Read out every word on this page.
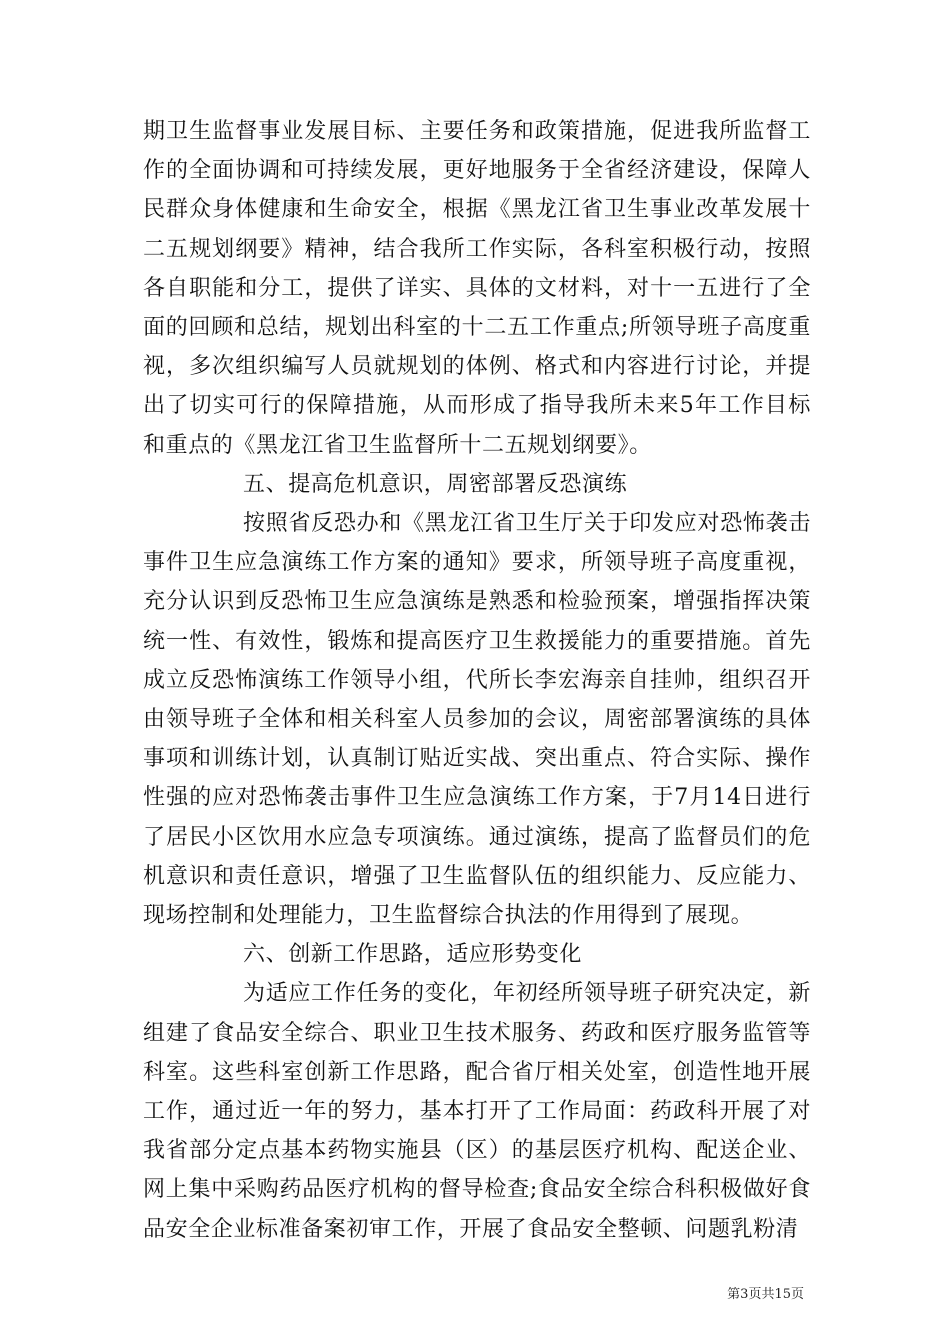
期卫生监督事业发展目标、主要任务和政策措施，促进我所监督工作的全面协调和可持续发展，更好地服务于全省经济建设，保障人民群众身体健康和生命安全，根据《黑龙江省卫生事业改革发展十二五规划纲要》精神，结合我所工作实际，各科室积极行动，按照各自职能和分工，提供了详实、具体的文材料，对十一五进行了全面的回顾和总结，规划出科室的十二五工作重点;所领导班子高度重视，多次组织编写人员就规划的体例、格式和内容进行讨论，并提出了切实可行的保障措施，从而形成了指导我所未来5年工作目标和重点的《黑龙江省卫生监督所十二五规划纲要》。

五、提高危机意识，周密部署反恐演练

按照省反恐办和《黑龙江省卫生厅关于印发应对恐怖袭击事件卫生应急演练工作方案的通知》要求，所领导班子高度重视，充分认识到反恐怖卫生应急演练是熟悉和检验预案，增强指挥决策统一性、有效性，锻炼和提高医疗卫生救援能力的重要措施。首先成立反恐怖演练工作领导小组，代所长李宏海亲自挂帅，组织召开由领导班子全体和相关科室人员参加的会议，周密部署演练的具体事项和训练计划，认真制订贴近实战、突出重点、符合实际、操作性强的应对恐怖袭击事件卫生应急演练工作方案，于7月14日进行了居民小区饮用水应急专项演练。通过演练，提高了监督员们的危机意识和责任意识，增强了卫生监督队伍的组织能力、反应能力、现场控制和处理能力，卫生监督综合执法的作用得到了展现。

六、创新工作思路，适应形势变化

为适应工作任务的变化，年初经所领导班子研究决定，新组建了食品安全综合、职业卫生技术服务、药政和医疗服务监管等科室。这些科室创新工作思路，配合省厅相关处室，创造性地开展工作，通过近一年的努力，基本打开了工作局面：药政科开展了对我省部分定点基本药物实施县（区）的基层医疗机构、配送企业、网上集中采购药品医疗机构的督导检查;食品安全综合科积极做好食品安全企业标准备案初审工作，开展了食品安全整顿、问题乳粉清

第3页共15页
